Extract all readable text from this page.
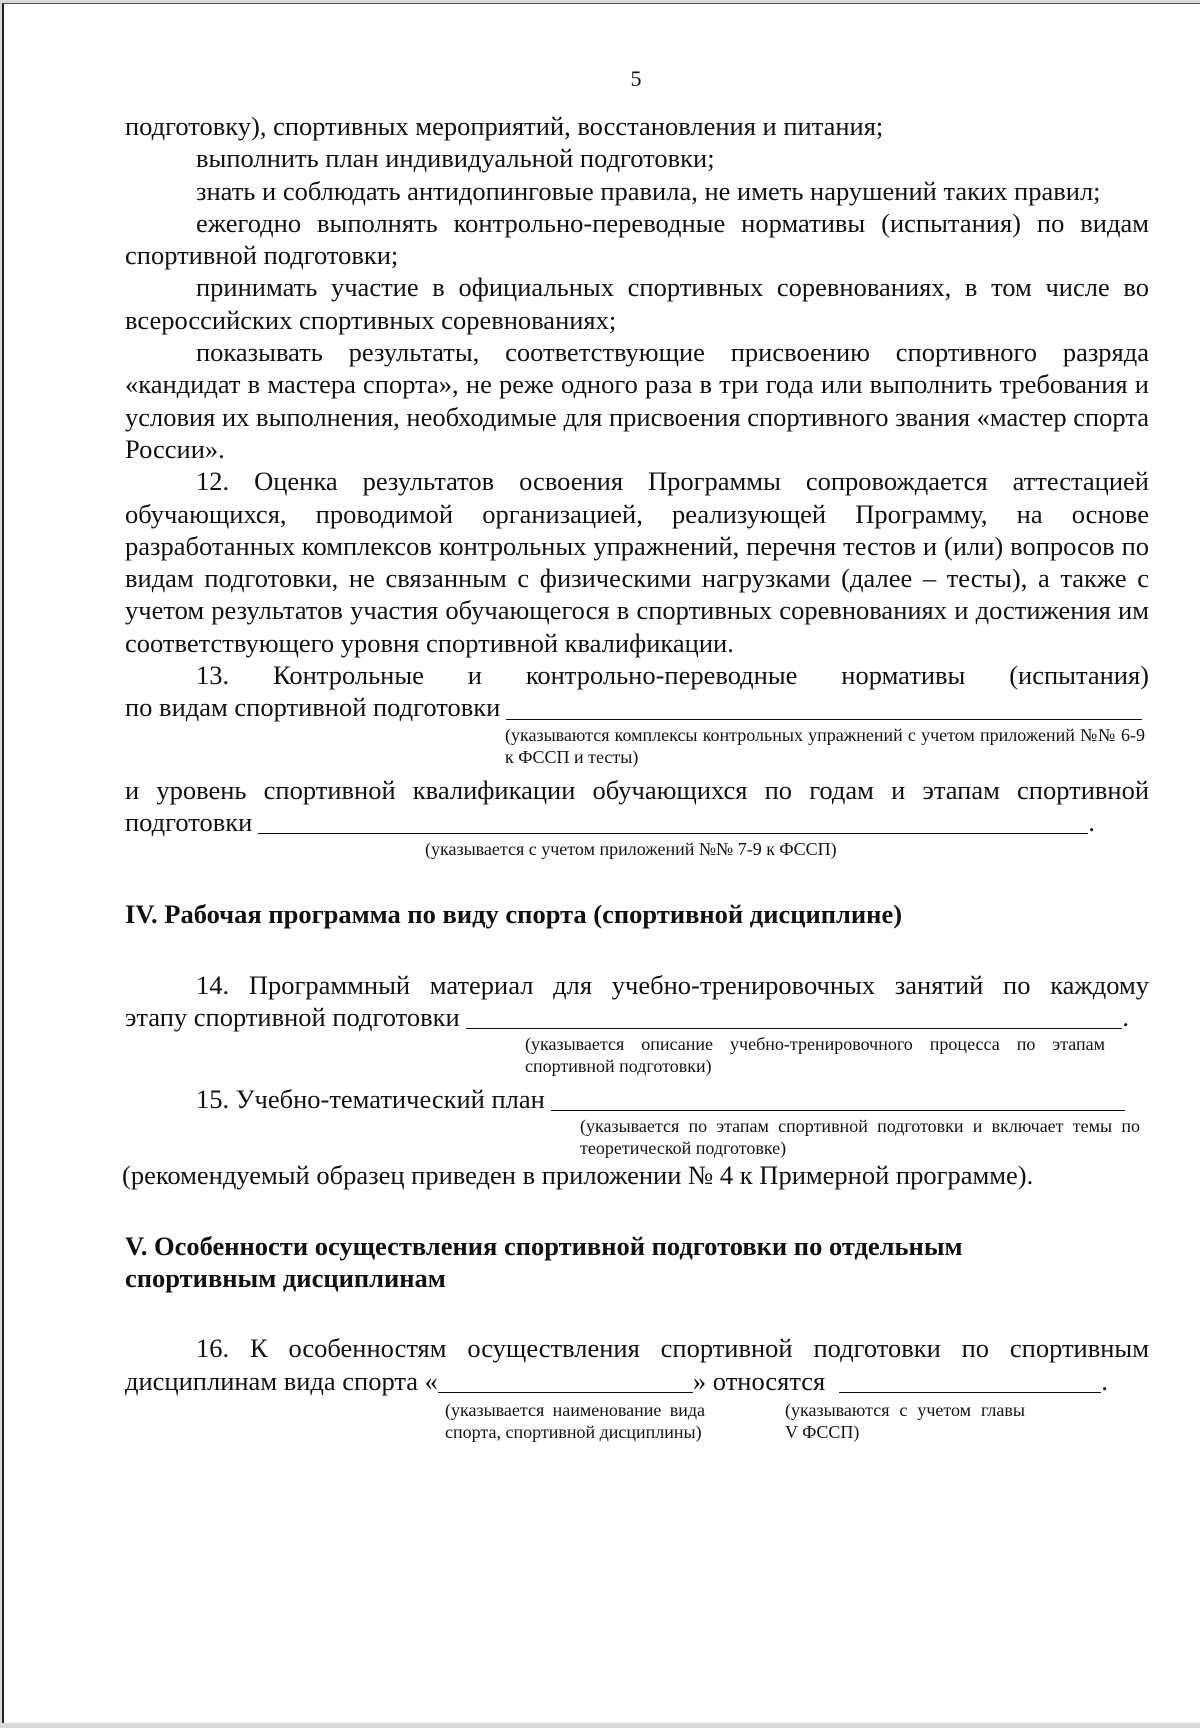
5

подготовку), спортивных мероприятий, восстановления и питания;

выполнить план индивидуальной подготовки;

знать и соблюдать антидопинговые правила, не иметь нарушений таких правил;

ежегодно выполнять контрольно-переводные нормативы (испытания) по видам спортивной подготовки;

принимать участие в официальных спортивных соревнованиях, в том числе во всероссийских спортивных соревнованиях;

показывать результаты, соответствующие присвоению спортивного разряда «кандидат в мастера спорта», не реже одного раза в три года или выполнить требования и условия их выполнения, необходимые для присвоения спортивного звания «мастер спорта России».

12. Оценка результатов освоения Программы сопровождается аттестацией обучающихся, проводимой организацией, реализующей Программу, на основе разработанных комплексов контрольных упражнений, перечня тестов и (или) вопросов по видам подготовки, не связанным с физическими нагрузками (далее – тесты), а также с учетом результатов участия обучающегося в спортивных соревнованиях и достижения им соответствующего уровня спортивной квалификации.

13. Контрольные и контрольно-переводные нормативы (испытания)

по видам спортивной подготовки

(указываются комплексы контрольных упражнений с учетом приложений №№ 6-9 к ФССП и тесты)

и уровень спортивной квалификации обучающихся по годам и этапам спортивной

подготовки	.

(указывается с учетом приложений №№ 7-9 к ФССП)

IV. Рабочая программа по виду спорта (спортивной дисциплине)

14. Программный материал для учебно-тренировочных занятий по каждому

этапу спортивной подготовки	.

(указывается описание учебно-тренировочного процесса по этапам спортивной подготовки)

15. Учебно-тематический план

(указывается по этапам спортивной подготовки и включает темы по теоретической подготовке)

(рекомендуемый образец приведен в приложении № 4 к Примерной программе).

V. Особенности осуществления спортивной подготовки по отдельным

спортивным дисциплинам

16. К особенностям осуществления спортивной подготовки по спортивным

дисциплинам вида спорта «	» относятся	.

(указывается наименование вида спорта, спортивной дисциплины)

(указываются с учетом главы V ФССП)
